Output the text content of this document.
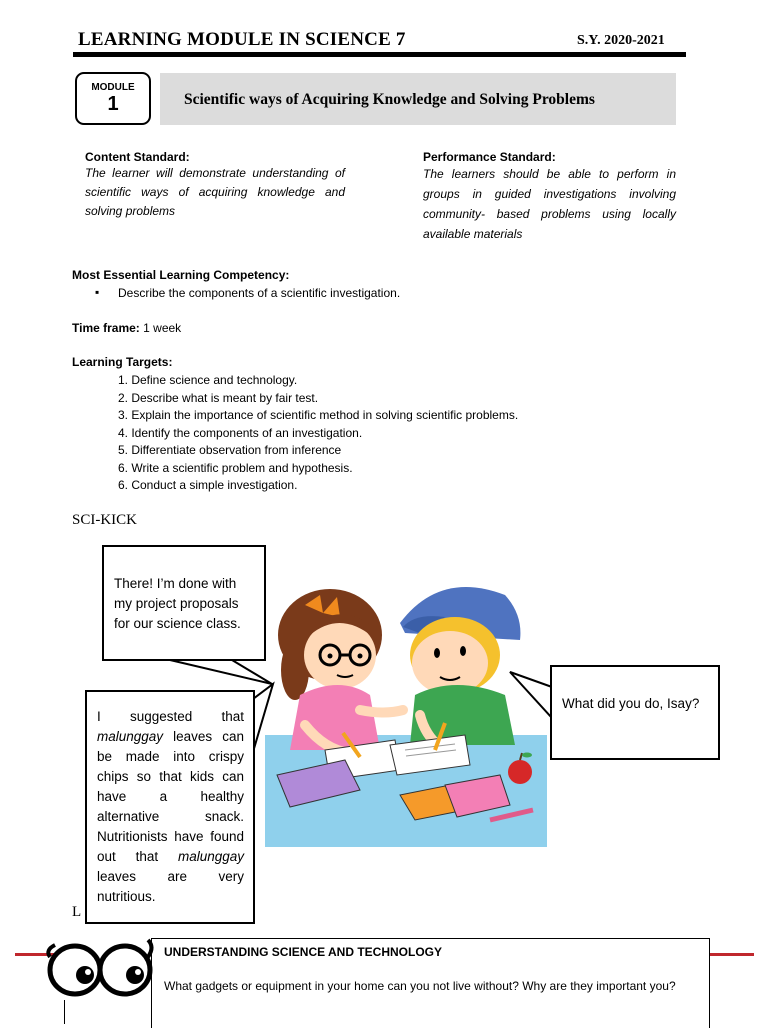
LEARNING MODULE IN SCIENCE 7	S.Y. 2020-2021
MODULE
1	Scientific ways of Acquiring Knowledge and Solving Problems
Content Standard:
The learner will demonstrate understanding of scientific ways of acquiring knowledge and solving problems
Performance Standard:
The learners should be able to perform in groups in guided investigations involving community- based problems using locally available materials
Most Essential Learning Competency:
▪ Describe the components of a scientific investigation.
Time frame: 1 week
Learning Targets:
1. Define science and technology.
2. Describe what is meant by fair test.
3. Explain the importance of scientific method in solving scientific problems.
4. Identify the components of an investigation.
5. Differentiate observation from inference
6. Write a scientific problem and hypothesis.
6. Conduct a simple investigation.
SCI-KICK
There! I’m done with my project proposals for our science class.
What did you do, Isay?
I suggested that malunggay leaves can be made into crispy chips so that kids can have a healthy alternative snack. Nutritionists have found out that malunggay leaves are very nutritious.
L
UNDERSTANDING SCIENCE AND TECHNOLOGY
What gadgets or equipment in your home can you not live without? Why are they important you?
